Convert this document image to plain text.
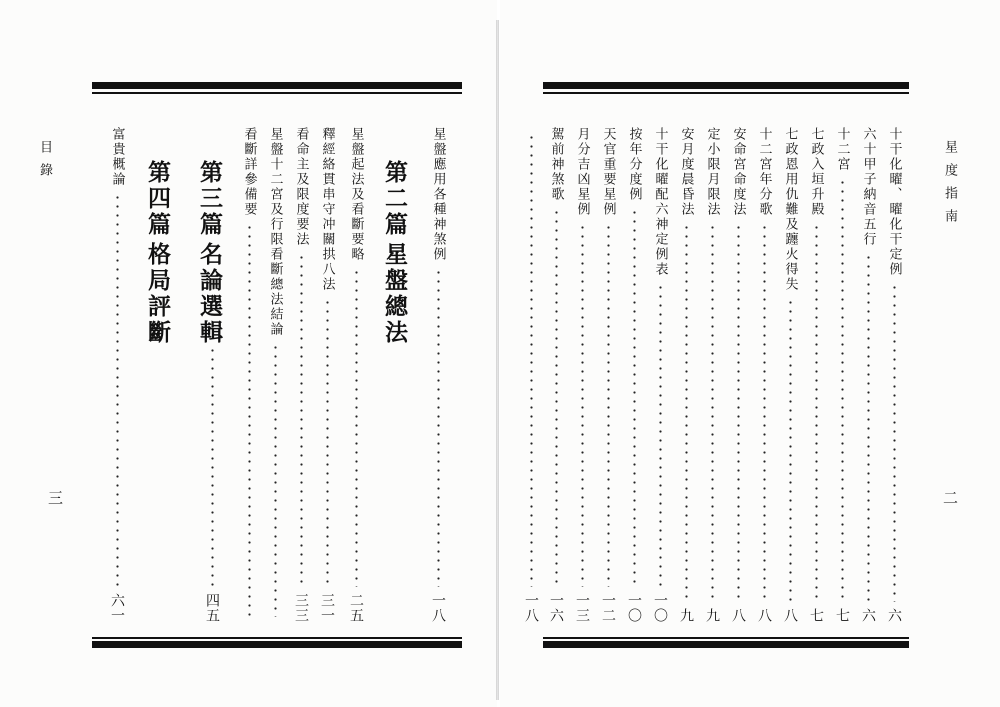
目錄
三
星盤應用各種神煞例
一八
第二篇星盤總法
星盤起法及看斷要略
二五
釋經絡貫串守冲關拱八法
三一
看命主及限度要法
三三
星盤十二宮及行限看斷總法結論
看斷詳參備要
第三篇名論選輯
四五
第四篇格局評斷
富貴概論
六一
星度指南
二
十干化曜、曜化干定例
六
六十甲子納音五行
六
十二宮
七
七政入垣升殿
七
七政恩用仇難及躔火得失
八
十二宮年分歌
八
安命宮命度法
八
定小限月限法
九
安月度晨昏法
九
十干化曜配六神定例表
一〇
按年分度例
一〇
天官重要星例
一二
月分吉凶星例
一三
駕前神煞歌
一六
一八
